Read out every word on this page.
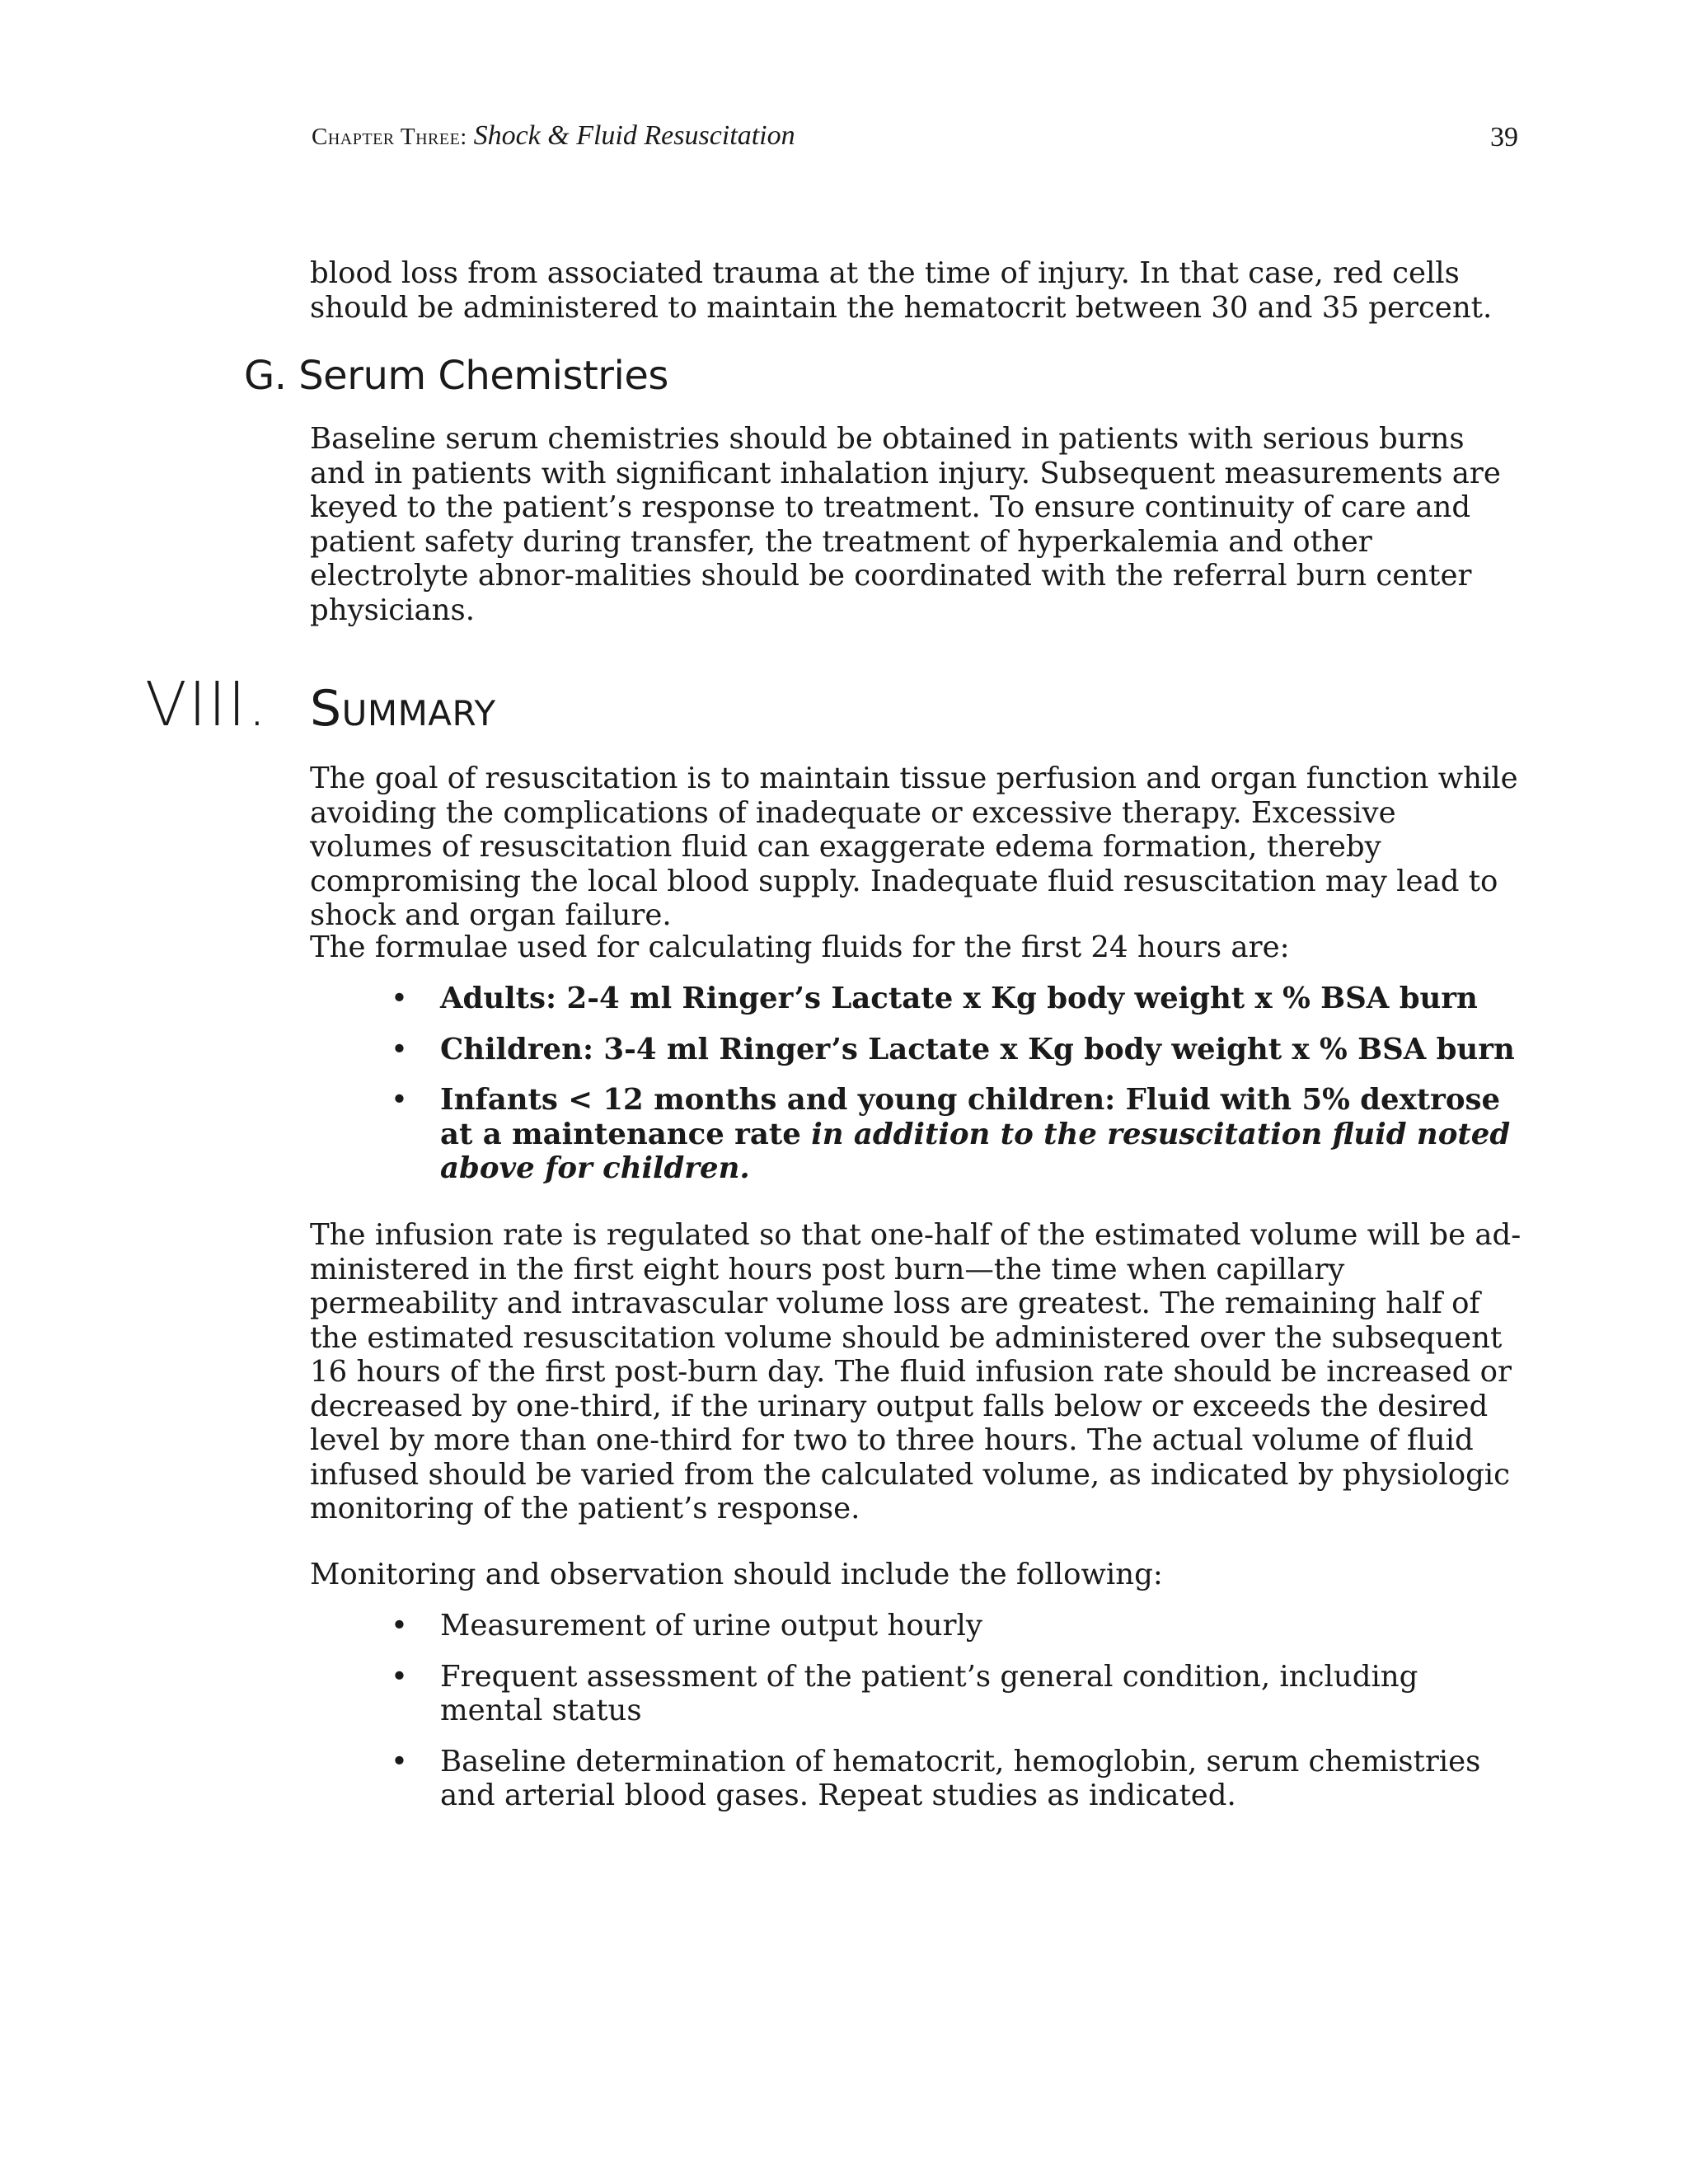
Chapter Three: Shock & Fluid Resuscitation	39

blood loss from associated trauma at the time of injury. In that case, red cells should be administered to maintain the hematocrit between 30 and 35 percent.

G. Serum Chemistries

Baseline serum chemistries should be obtained in patients with serious burns and in patients with significant inhalation injury. Subsequent measurements are keyed to the patient’s response to treatment. To ensure continuity of care and patient safety during transfer, the treatment of hyperkalemia and other electrolyte abnor-malities should be coordinated with the referral burn center physicians.

VIII. Summary

The goal of resuscitation is to maintain tissue perfusion and organ function while avoiding the complications of inadequate or excessive therapy. Excessive volumes of resuscitation fluid can exaggerate edema formation, thereby compromising the local blood supply. Inadequate fluid resuscitation may lead to shock and organ failure.

The formulae used for calculating fluids for the first 24 hours are:

• Adults: 2-4 ml Ringer’s Lactate x Kg body weight x % BSA burn
• Children: 3-4 ml Ringer’s Lactate x Kg body weight x % BSA burn
• Infants < 12 months and young children: Fluid with 5% dextrose at a maintenance rate in addition to the resuscitation fluid noted above for children.

The infusion rate is regulated so that one-half of the estimated volume will be ad-ministered in the first eight hours post burn—the time when capillary permeability and intravascular volume loss are greatest. The remaining half of the estimated resuscitation volume should be administered over the subsequent 16 hours of the first post-burn day. The fluid infusion rate should be increased or decreased by one-third, if the urinary output falls below or exceeds the desired level by more than one-third for two to three hours. The actual volume of fluid infused should be varied from the calculated volume, as indicated by physiologic monitoring of the patient’s response.

Monitoring and observation should include the following:

• Measurement of urine output hourly
• Frequent assessment of the patient’s general condition, including mental status
• Baseline determination of hematocrit, hemoglobin, serum chemistries and arterial blood gases. Repeat studies as indicated.
